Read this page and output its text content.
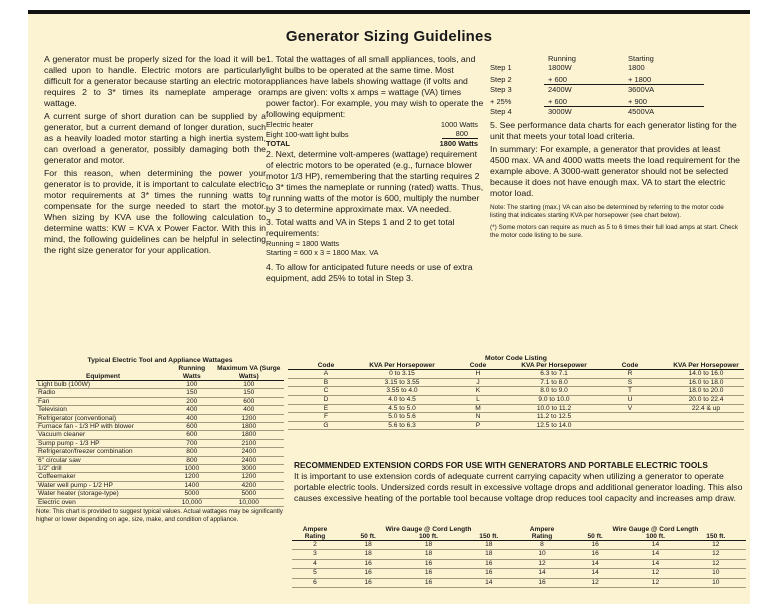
Generator Sizing Guidelines

A generator must be properly sized for the load it will be called upon to handle. Electric motors are particularly difficult for a generator because starting an electric motor requires 2 to 3* times its nameplate amperage or wattage.

A current surge of short duration can be supplied by a generator, but a current demand of longer duration, such as a heavily loaded motor starting a high inertia system, can overload a generator, possibly damaging both the generator and motor.

For this reason, when determining the power your generator is to provide, it is important to calculate electric motor requirements at 3* times the running watts to compensate for the surge needed to start the motor. When sizing by KVA use the following calculation to determine watts: KW = KVA x Power Factor. With this in mind, the following guidelines can be helpful in selecting the right size generator for your application.

1. Total the wattages of all small appliances, tools, and light bulbs to be operated at the same time. Most appliances have labels showing wattage (if volts and amps are given: volts x amps = wattage (VA) times power factor). For example, you may wish to operate the following equipment:

Electric heater	1000 Watts
Eight 100-watt light bulbs	800
TOTAL	1800 Watts

2. Next, determine volt-amperes (wattage) requirement of electric motors to be operated (e.g., furnace blower motor 1/3 HP), remembering that the starting requires 2 to 3* times the nameplate or running (rated) watts. Thus, if running watts of the motor is 600, multiply the number by 3 to determine approximate max. VA needed.

3. Total watts and VA in Steps 1 and 2 to get total requirements:

Running = 1800 Watts
Starting = 600 x 3 = 1800 Max. VA

4. To allow for anticipated future needs or use of extra equipment, add 25% to total in Step 3.

	Running	Starting
Step 1	1800W	1800
Step 2	+ 600	+ 1800
Step 3	2400W	3600VA
+ 25%	+ 600	+ 900
Step 4	3000W	4500VA

5. See performance data charts for each generator listing for the unit that meets your total load criteria.

In summary: For example, a generator that provides at least 4500 max. VA and 4000 watts meets the load requirement for the example above. A 3000-watt generator should not be selected because it does not have enough max. VA to start the electric motor load.

Note: The starting (max.) VA can also be determined by referring to the motor code listing that indicates starting KVA per horsepower (see chart below).

(*) Some motors can require as much as 5 to 6 times their full load amps at start. Check the motor code listing to be sure.

Typical Electric Tool and Appliance Wattages
Equipment	Running Watts	Maximum VA (Surge Watts)
Light bulb (100W)	100	100
Radio	150	150
Fan	200	600
Television	400	400
Refrigerator (conventional)	400	1200
Furnace fan - 1/3 HP with blower	600	1800
Vacuum cleaner	600	1800
Sump pump - 1/3 HP	700	2100
Refrigerator/freezer combination	800	2400
6" circular saw	800	2400
1/2" drill	1000	3000
Coffeemaker	1200	1200
Water well pump - 1/2 HP	1400	4200
Water heater (storage-type)	5000	5000
Electric oven	10,000	10,000
Note: This chart is provided to suggest typical values. Actual wattages may be significantly higher or lower depending on age, size, make, and condition of appliance.
Motor Code Listing
Code	KVA Per Horsepower	Code	KVA Per Horsepower	Code	KVA Per Horsepower
A	0 to 3.15	H	6.3 to 7.1	R	14.0 to 16.0
B	3.15 to 3.55	J	7.1 to 8.0	S	16.0 to 18.0
C	3.55 to 4.0	K	8.0 to 9.0	T	18.0 to 20.0
D	4.0 to 4.5	L	9.0 to 10.0	U	20.0 to 22.4
E	4.5 to 5.0	M	10.0 to 11.2	V	22.4 & up
F	5.0 to 5.6	N	11.2 to 12.5		
G	5.6 to 6.3	P	12.5 to 14.0		
RECOMMENDED EXTENSION CORDS FOR USE WITH GENERATORS AND PORTABLE ELECTRIC TOOLS
It is important to use extension cords of adequate current carrying capacity when utilizing a generator to operate portable electric tools. Undersized cords result in excessive voltage drops and additional generator loading. This also causes excessive heating of the portable tool because voltage drop reduces tool capacity and increases amp draw.
Ampere Rating	Wire Gauge @ Cord Length			Ampere Rating	Wire Gauge @ Cord Length		
	50 ft.	100 ft.	150 ft.		50 ft.	100 ft.	150 ft.
2	18	18	18	8	16	14	12
3	18	18	18	10	16	14	12
4	16	16	16	12	14	14	12
5	16	16	16	14	14	12	10
6	16	16	14	16	12	12	10
